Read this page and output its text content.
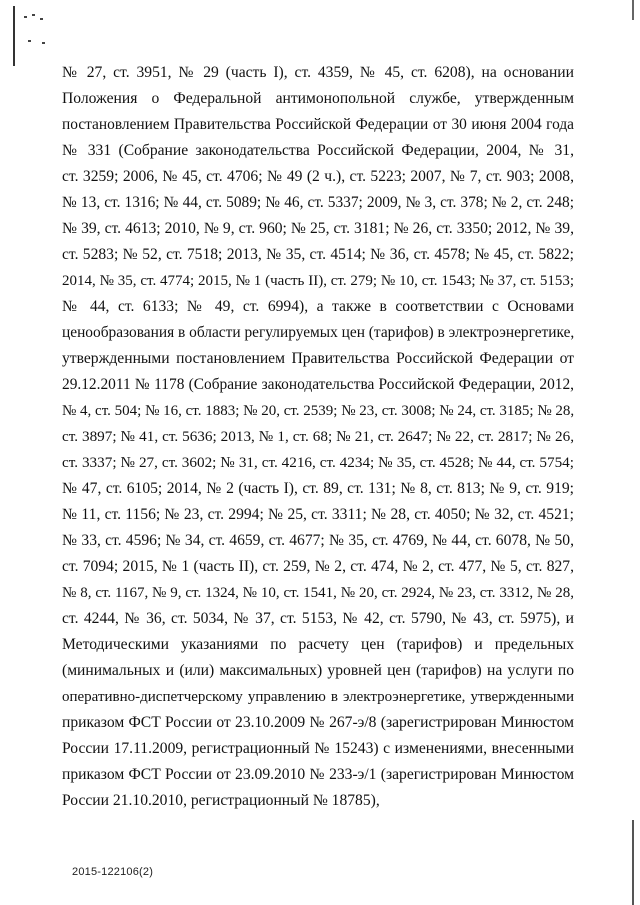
№ 27, ст. 3951, № 29 (часть I), ст. 4359, № 45, ст. 6208), на основании
Положения о Федеральной антимонопольной службе, утвержденным
постановлением Правительства Российской Федерации от 30 июня 2004 года
№ 331 (Собрание законодательства Российской Федерации, 2004, № 31,
ст. 3259; 2006, № 45, ст. 4706; № 49 (2 ч.), ст. 5223; 2007, № 7, ст. 903; 2008,
№ 13, ст. 1316; № 44, ст. 5089; № 46, ст. 5337; 2009, № 3, ст. 378; № 2, ст. 248;
№ 39, ст. 4613; 2010, № 9, ст. 960; № 25, ст. 3181; № 26, ст. 3350; 2012, № 39,
ст. 5283; № 52, ст. 7518; 2013, № 35, ст. 4514; № 36, ст. 4578; № 45, ст. 5822;
2014, № 35, ст. 4774; 2015, № 1 (часть II), ст. 279; № 10, ст. 1543; № 37, ст. 5153;
№ 44, ст. 6133; № 49, ст. 6994), а также в соответствии с Основами
ценообразования в области регулируемых цен (тарифов) в электроэнергетике,
утвержденными постановлением Правительства Российской Федерации от
29.12.2011 № 1178 (Собрание законодательства Российской Федерации, 2012,
№ 4, ст. 504; № 16, ст. 1883; № 20, ст. 2539; № 23, ст. 3008; № 24, ст. 3185; № 28,
ст. 3897; № 41, ст. 5636; 2013, № 1, ст. 68; № 21, ст. 2647; № 22, ст. 2817; № 26,
ст. 3337; № 27, ст. 3602; № 31, ст. 4216, ст. 4234; № 35, ст. 4528; № 44, ст. 5754;
№ 47, ст. 6105; 2014, № 2 (часть I), ст. 89, ст. 131; № 8, ст. 813; № 9, ст. 919;
№ 11, ст. 1156; № 23, ст. 2994; № 25, ст. 3311; № 28, ст. 4050; № 32, ст. 4521;
№ 33, ст. 4596; № 34, ст. 4659, ст. 4677; № 35, ст. 4769, № 44, ст. 6078, № 50,
ст. 7094; 2015, № 1 (часть II), ст. 259, № 2, ст. 474, № 2, ст. 477, № 5, ст. 827,
№ 8, ст. 1167, № 9, ст. 1324, № 10, ст. 1541, № 20, ст. 2924, № 23, ст. 3312, № 28,
ст. 4244, № 36, ст. 5034, № 37, ст. 5153, № 42, ст. 5790, № 43, ст. 5975), и
Методическими указаниями по расчету цен (тарифов) и предельных
(минимальных и (или) максимальных) уровней цен (тарифов) на услуги по
оперативно-диспетчерскому управлению в электроэнергетике, утвержденными
приказом ФСТ России от 23.10.2009 № 267-э/8 (зарегистрирован Минюстом
России 17.11.2009, регистрационный № 15243) с изменениями, внесенными
приказом ФСТ России от 23.09.2010 № 233-э/1 (зарегистрирован Минюстом
России 21.10.2010, регистрационный № 18785),
2015-122106(2)
